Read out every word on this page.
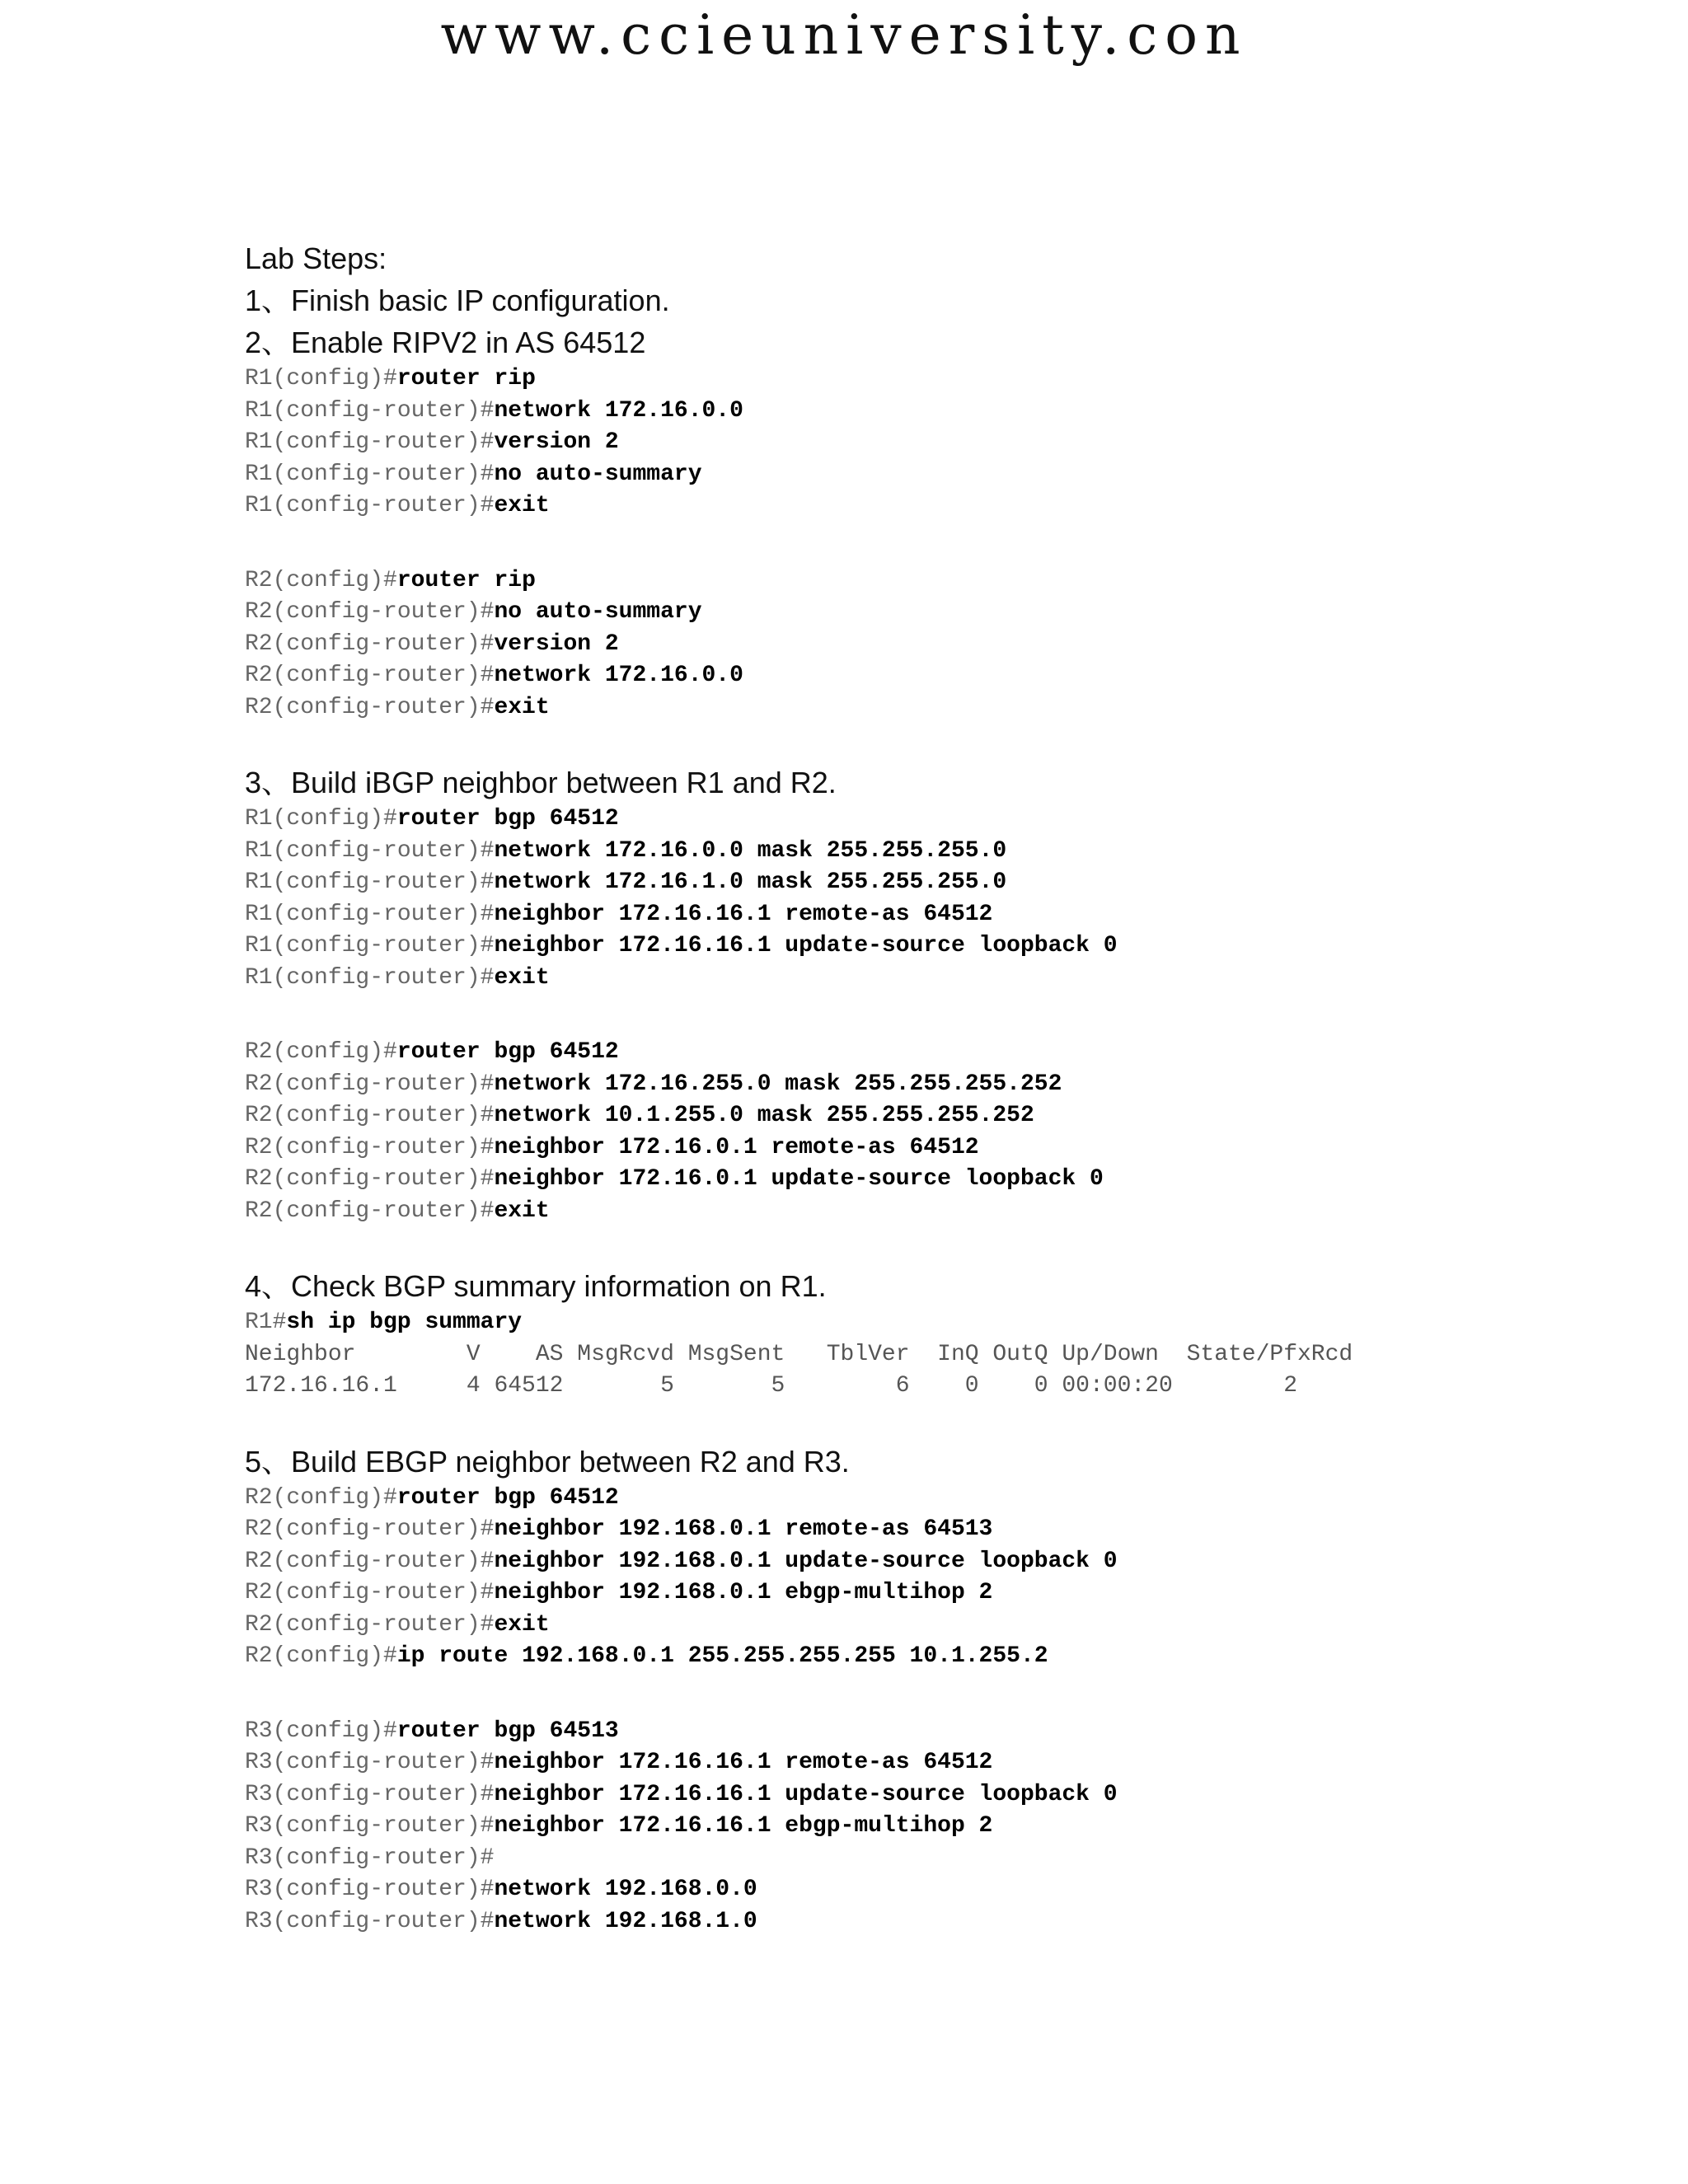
www.ccieuniversity.con
Lab Steps:
1、Finish basic IP configuration.
2、Enable RIPV2 in AS 64512
R1(config)#router rip
R1(config-router)#network 172.16.0.0
R1(config-router)#version 2
R1(config-router)#no auto-summary
R1(config-router)#exit
R2(config)#router rip
R2(config-router)#no auto-summary
R2(config-router)#version 2
R2(config-router)#network 172.16.0.0
R2(config-router)#exit
3、Build iBGP neighbor between R1 and R2.
R1(config)#router bgp 64512
R1(config-router)#network 172.16.0.0 mask 255.255.255.0
R1(config-router)#network 172.16.1.0 mask 255.255.255.0
R1(config-router)#neighbor 172.16.16.1 remote-as 64512
R1(config-router)#neighbor 172.16.16.1 update-source loopback 0
R1(config-router)#exit
R2(config)#router bgp 64512
R2(config-router)#network 172.16.255.0 mask 255.255.255.252
R2(config-router)#network 10.1.255.0 mask 255.255.255.252
R2(config-router)#neighbor 172.16.0.1 remote-as 64512
R2(config-router)#neighbor 172.16.0.1 update-source loopback 0
R2(config-router)#exit
4、Check BGP summary information on R1.
R1#sh ip bgp summary
Neighbor        V    AS MsgRcvd MsgSent   TblVer  InQ OutQ Up/Down  State/PfxRcd
172.16.16.1     4 64512       5       5        6    0    0 00:00:20        2
5、Build EBGP neighbor between R2 and R3.
R2(config)#router bgp 64512
R2(config-router)#neighbor 192.168.0.1 remote-as 64513
R2(config-router)#neighbor 192.168.0.1 update-source loopback 0
R2(config-router)#neighbor 192.168.0.1 ebgp-multihop 2
R2(config-router)#exit
R2(config)#ip route 192.168.0.1 255.255.255.255 10.1.255.2
R3(config)#router bgp 64513
R3(config-router)#neighbor 172.16.16.1 remote-as 64512
R3(config-router)#neighbor 172.16.16.1 update-source loopback 0
R3(config-router)#neighbor 172.16.16.1 ebgp-multihop 2
R3(config-router)#
R3(config-router)#network 192.168.0.0
R3(config-router)#network 192.168.1.0
